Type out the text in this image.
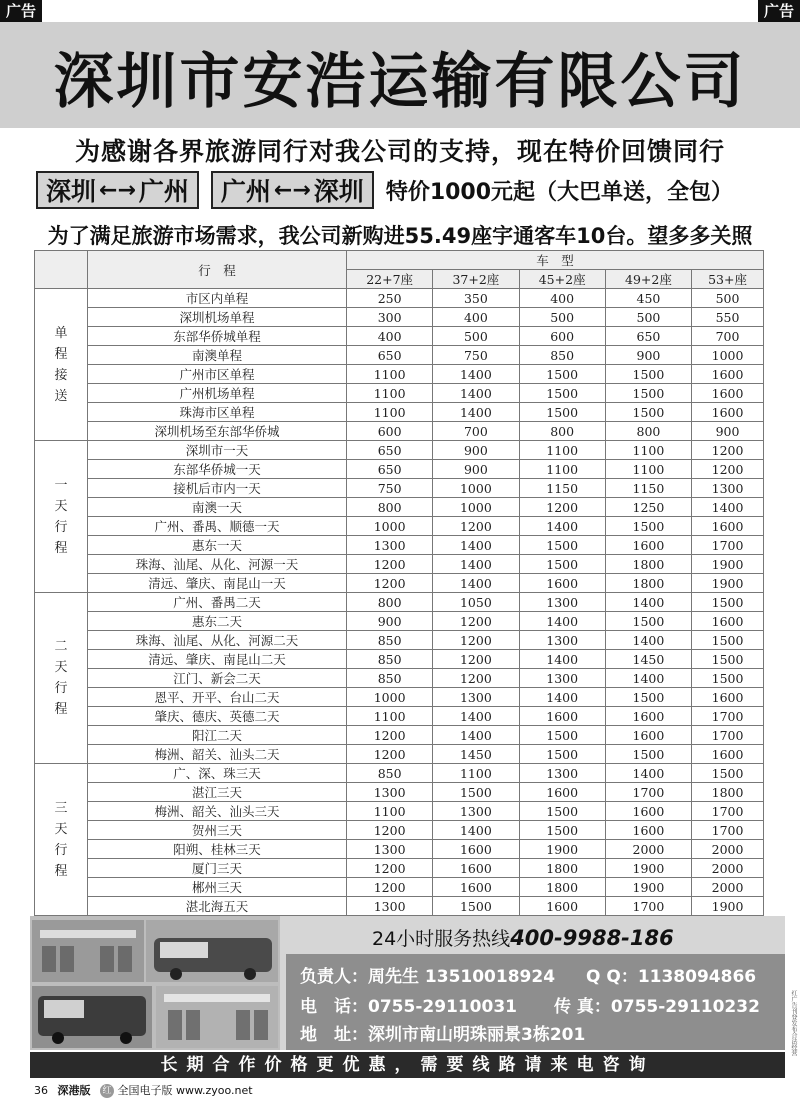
广告	广告
深圳市安浩运输有限公司
为感谢各界旅游同行对我公司的支持，现在特价回馈同行
深圳 ←→ 广州 广州 ←→ 深圳 特价1000元起（大巴单送，全包）
为了满足旅游市场需求，我公司新购进55.49座宇通客车10台。望多多关照
	行　程	车　型				
		22+7座	37+2座	45+2座	49+2座	53+座
单
程
接
送	市区内单程	250	350	400	450	500
	深圳机场单程	300	400	500	500	550
	东部华侨城单程	400	500	600	650	700
	南澳单程	650	750	850	900	1000
	广州市区单程	1100	1400	1500	1500	1600
	广州机场单程	1100	1400	1500	1500	1600
	珠海市区单程	1100	1400	1500	1500	1600
	深圳机场至东部华侨城	600	700	800	800	900
一
天
行
程	深圳市一天	650	900	1100	1100	1200
	东部华侨城一天	650	900	1100	1100	1200
	接机后市内一天	750	1000	1150	1150	1300
	南澳一天	800	1000	1200	1250	1400
	广州、番禺、顺德一天	1000	1200	1400	1500	1600
	惠东一天	1300	1400	1500	1600	1700
	珠海、汕尾、从化、河源一天	1200	1400	1500	1800	1900
	清远、肇庆、南昆山一天	1200	1400	1600	1800	1900
二
天
行
程	广州、番禺二天	800	1050	1300	1400	1500
	惠东二天	900	1200	1400	1500	1600
	珠海、汕尾、从化、河源二天	850	1200	1300	1400	1500
	清远、肇庆、南昆山二天	850	1200	1400	1450	1500
	江门、新会二天	850	1200	1300	1400	1500
	恩平、开平、台山二天	1000	1300	1400	1500	1600
	肇庆、德庆、英德二天	1100	1400	1600	1600	1700
	阳江二天	1200	1400	1500	1600	1700
	梅洲、韶关、汕头二天	1200	1450	1500	1500	1600
三
天
行
程	广、深、珠三天	850	1100	1300	1400	1500
	湛江三天	1300	1500	1600	1700	1800
	梅洲、韶关、汕头三天	1100	1300	1500	1600	1700
	贺州三天	1200	1400	1500	1600	1700
	阳朔、桂林三天	1300	1600	1900	2000	2000
	厦门三天	1200	1600	1800	1900	2000
	郴州三天	1200	1600	1800	1900	2000
	湛北海五天	1300	1500	1600	1700	1900
24小时服务热线400-9988-186
负责人：周先生 13510018924 Q Q：1138094866
电　话：0755-29110031 传 真：0755-29110232
地　址：深圳市南山明珠丽景3栋201
长期合作价格更优惠，需要线路请来电咨询
36 深港版 红 全国电子版 www.zyoo.net
红广告刊登发布合法经营
